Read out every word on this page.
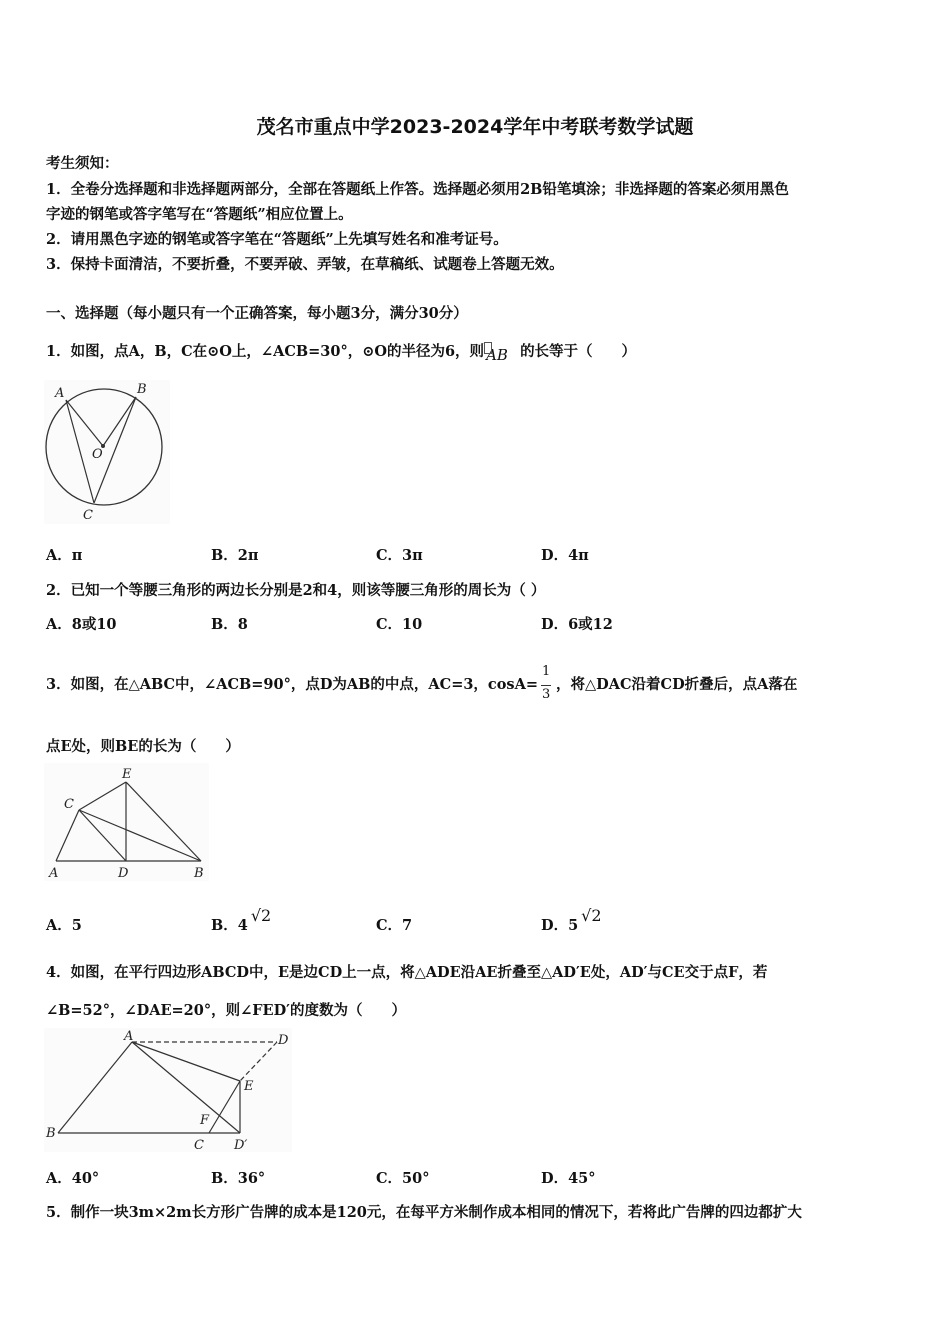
茂名市重点中学2023-2024学年中考联考数学试题
考生须知：
1．全卷分选择题和非选择题两部分，全部在答题纸上作答。选择题必须用2B铅笔填涂；非选择题的答案必须用黑色
字迹的钢笔或答字笔写在“答题纸”相应位置上。
2．请用黑色字迹的钢笔或答字笔在“答题纸”上先填写姓名和准考证号。
3．保持卡面清洁，不要折叠，不要弄破、弄皱，在草稿纸、试题卷上答题无效。
一、选择题（每小题只有一个正确答案，每小题3分，满分30分）
1．如图，点A，B，C在⊙O上，∠ACB=30°，⊙O的半径为6，则 AB 的长等于（　　）
A	B
O
C
A．π	B．2π	C．3π	D．4π
2．已知一个等腰三角形的两边长分别是2和4，则该等腰三角形的周长为（ ）
A．8或10	B．8	C．10	D．6或12
3．如图，在△ABC中，∠ACB=90°，点D为AB的中点，AC=3，cosA=
$\frac{1}{3}$
，将△DAC沿着CD折叠后，点A落在
点E处，则BE的长为（　　）
E
C
A	D	B
A．5	B．4√2
C．7	D．5√2
4．如图，在平行四边形ABCD中，E是边CD上一点，将△ADE沿AE折叠至△AD′E处，AD′与CE交于点F，若
∠B=52°，∠DAE=20°，则∠FED′的度数为（　　）
A	D
E
F
B
C D′
A．40°	B．36°	C．50°	D．45°
5．制作一块3m×2m长方形广告牌的成本是120元，在每平方米制作成本相同的情况下，若将此广告牌的四边都扩大
